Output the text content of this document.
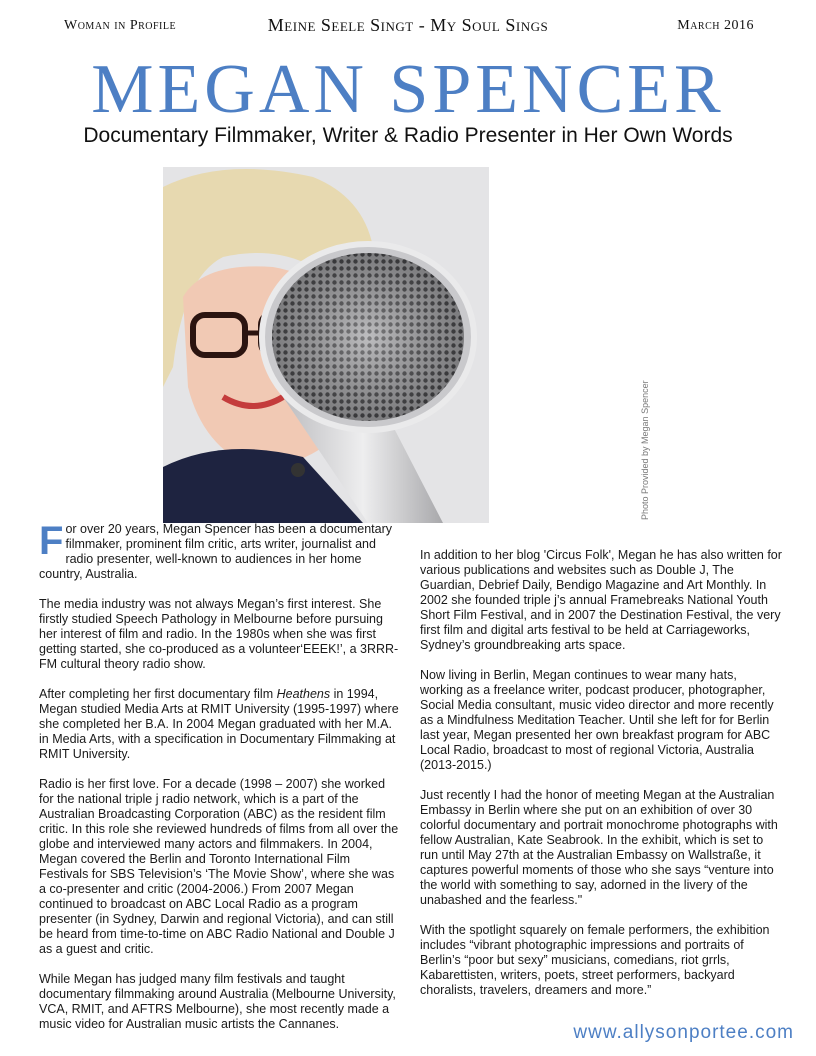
Woman in Profile	Meine Seele Singt - My Soul Sings	March 2016
MEGAN SPENCER
Documentary Filmmaker, Writer & Radio Presenter in Her Own Words
Photo Provided by Megan Spencer

For over 20 years, Megan Spencer has been a documentary filmmaker, prominent film critic, arts writer, journalist and radio presenter, well-known to audiences in her home country, Australia.

The media industry was not always Megan’s first interest. She firstly studied Speech Pathology in Melbourne before pursuing her interest of film and radio. In the 1980s when she was first getting started, she co-produced as a volunteer‘EEEK!’, a 3RRR-FM cultural theory radio show.

After completing her first documentary film Heathens in 1994, Megan studied Media Arts at RMIT University (1995-1997) where she completed her B.A. In 2004 Megan graduated with her M.A. in Media Arts, with a specification in Documentary Filmmaking at RMIT University.

Radio is her first love. For a decade (1998 – 2007) she worked for the national triple j radio network, which is a part of the Australian Broadcasting Corporation (ABC) as the resident film critic. In this role she reviewed hundreds of films from all over the globe and interviewed many actors and filmmakers. In 2004, Megan covered the Berlin and Toronto International Film Festivals for SBS Television’s ‘The Movie Show’, where she was a co-presenter and critic (2004-2006.) From 2007 Megan continued to broadcast on ABC Local Radio as a program presenter (in Sydney, Darwin and regional Victoria), and can still be heard from time-to-time on ABC Radio National and Double J as a guest and critic.

While Megan has judged many film festivals and taught documentary filmmaking around Australia (Melbourne University, VCA, RMIT, and AFTRS Melbourne), she most recently made a music video for Australian music artists the Cannanes.

In addition to her blog 'Circus Folk', Megan he has also written for various publications and websites such as Double J, The Guardian, Debrief Daily, Bendigo Magazine and Art Monthly. In 2002 she founded triple j’s annual Framebreaks National Youth Short Film Festival, and in 2007 the Destination Festival, the very first film and digital arts festival to be held at Carriageworks, Sydney’s groundbreaking arts space.

Now living in Berlin, Megan continues to wear many hats, working as a freelance writer, podcast producer, photographer, Social Media consultant, music video director and more recently as a Mindfulness Meditation Teacher. Until she left for for Berlin last year, Megan presented her own breakfast program for ABC Local Radio, broadcast to most of regional Victoria, Australia (2013-2015.)

Just recently I had the honor of meeting Megan at the Australian Embassy in Berlin where she put on an exhibition of over 30 colorful documentary and portrait monochrome photographs with fellow Australian, Kate Seabrook. In the exhibit, which is set to run until May 27th at the Australian Embassy on Wallstraße, it captures powerful moments of those who she says “venture into the world with something to say, adorned in the livery of the unabashed and the fearless."

With the spotlight squarely on female performers, the exhibition includes “vibrant photographic impressions and portraits of Berlin’s “poor but sexy” musicians, comedians, riot grrls, Kabarettisten, writers, poets, street performers, backyard choralists, travelers, dreamers and more.”

www.allysonportee.com
